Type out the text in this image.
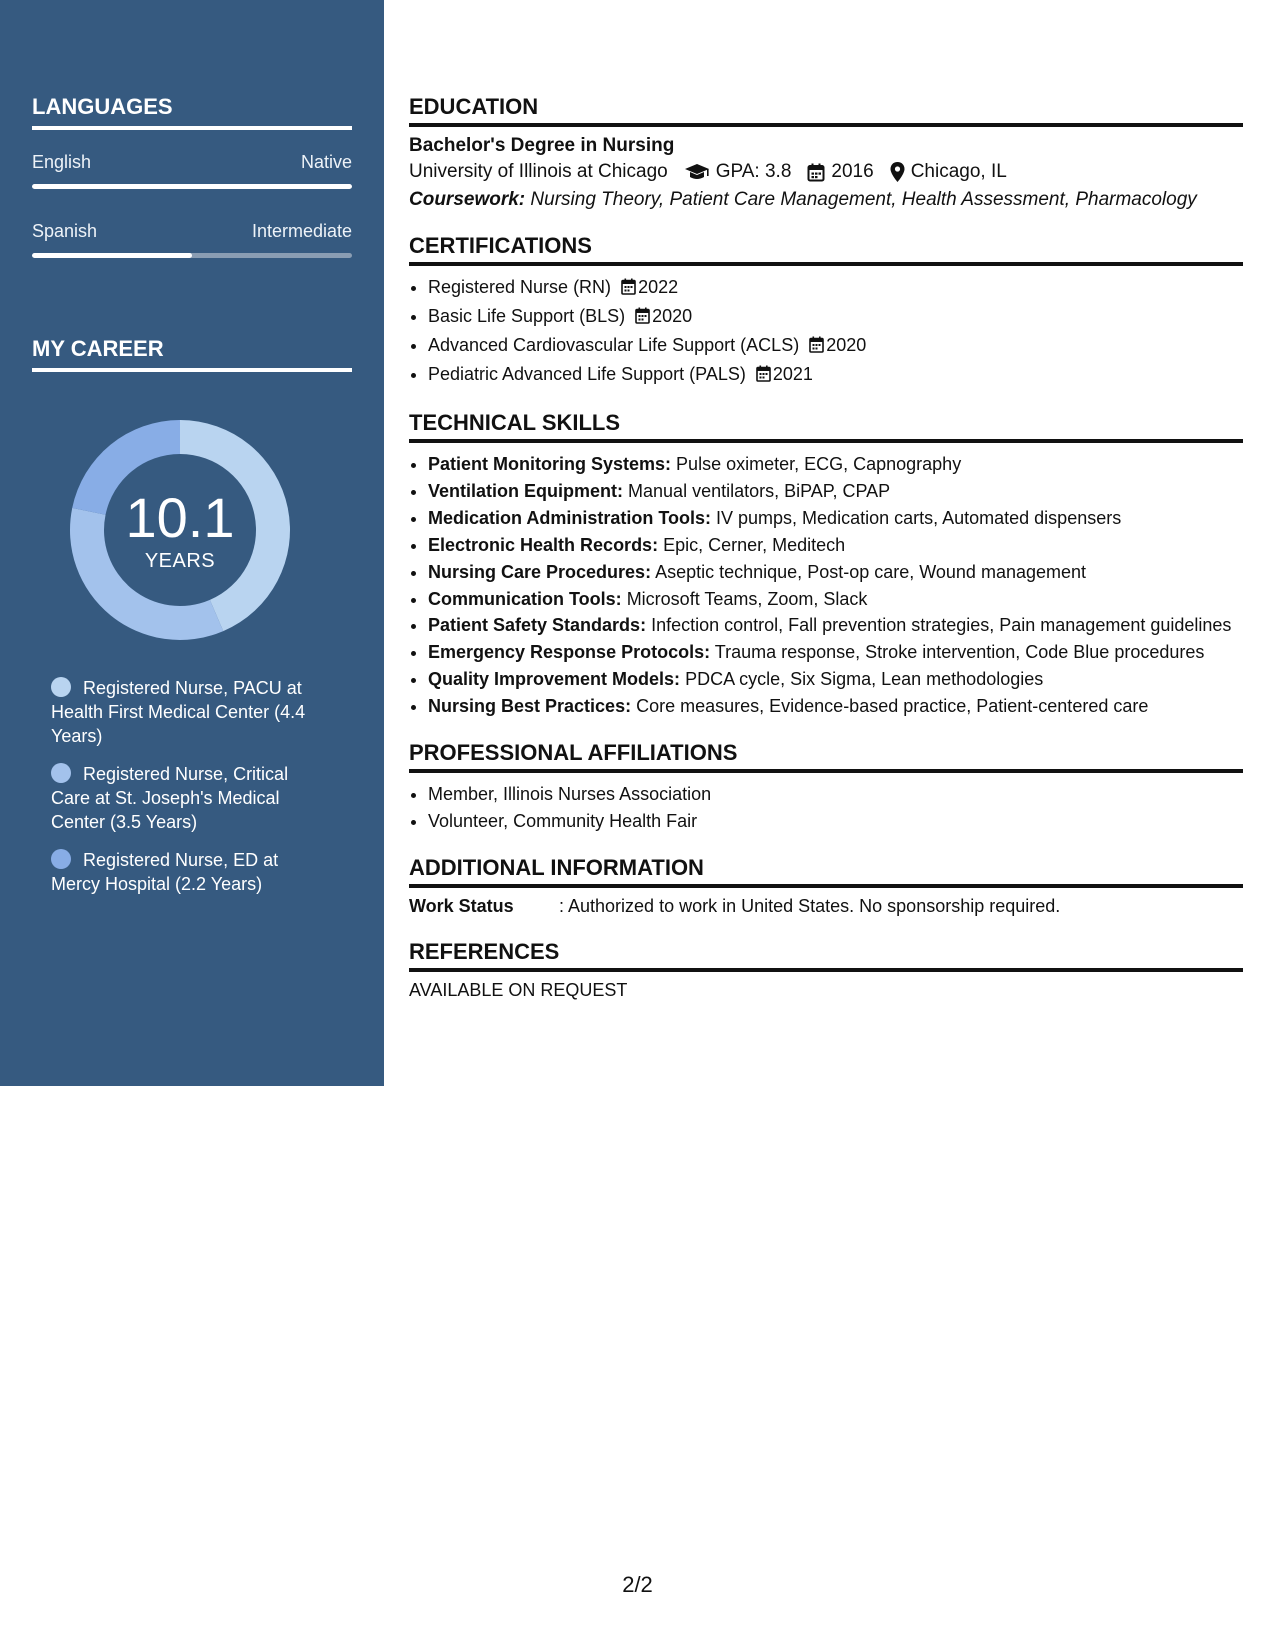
LANGUAGES
English	Native
Spanish	Intermediate
MY CAREER
10.1
YEARS
Registered Nurse, PACU at Health First Medical Center (4.4 Years)
Registered Nurse, Critical Care at St. Joseph's Medical Center (3.5 Years)
Registered Nurse, ED at Mercy Hospital (2.2 Years)
EDUCATION
Bachelor's Degree in Nursing
University of Illinois at Chicago	GPA: 3.8 2016 Chicago, IL
Coursework: Nursing Theory, Patient Care Management, Health Assessment, Pharmacology
CERTIFICATIONS
• Registered Nurse (RN) 2022
• Basic Life Support (BLS) 2020
• Advanced Cardiovascular Life Support (ACLS) 2020
• Pediatric Advanced Life Support (PALS) 2021
TECHNICAL SKILLS
• Patient Monitoring Systems: Pulse oximeter, ECG, Capnography
• Ventilation Equipment: Manual ventilators, BiPAP, CPAP
• Medication Administration Tools: IV pumps, Medication carts, Automated dispensers
• Electronic Health Records: Epic, Cerner, Meditech
• Nursing Care Procedures: Aseptic technique, Post-op care, Wound management
• Communication Tools: Microsoft Teams, Zoom, Slack
• Patient Safety Standards: Infection control, Fall prevention strategies, Pain management guidelines
• Emergency Response Protocols: Trauma response, Stroke intervention, Code Blue procedures
• Quality Improvement Models: PDCA cycle, Six Sigma, Lean methodologies
• Nursing Best Practices: Core measures, Evidence-based practice, Patient-centered care
PROFESSIONAL AFFILIATIONS
• Member, Illinois Nurses Association
• Volunteer, Community Health Fair
ADDITIONAL INFORMATION
Work Status	: Authorized to work in United States. No sponsorship required.
REFERENCES
AVAILABLE ON REQUEST
2/2
